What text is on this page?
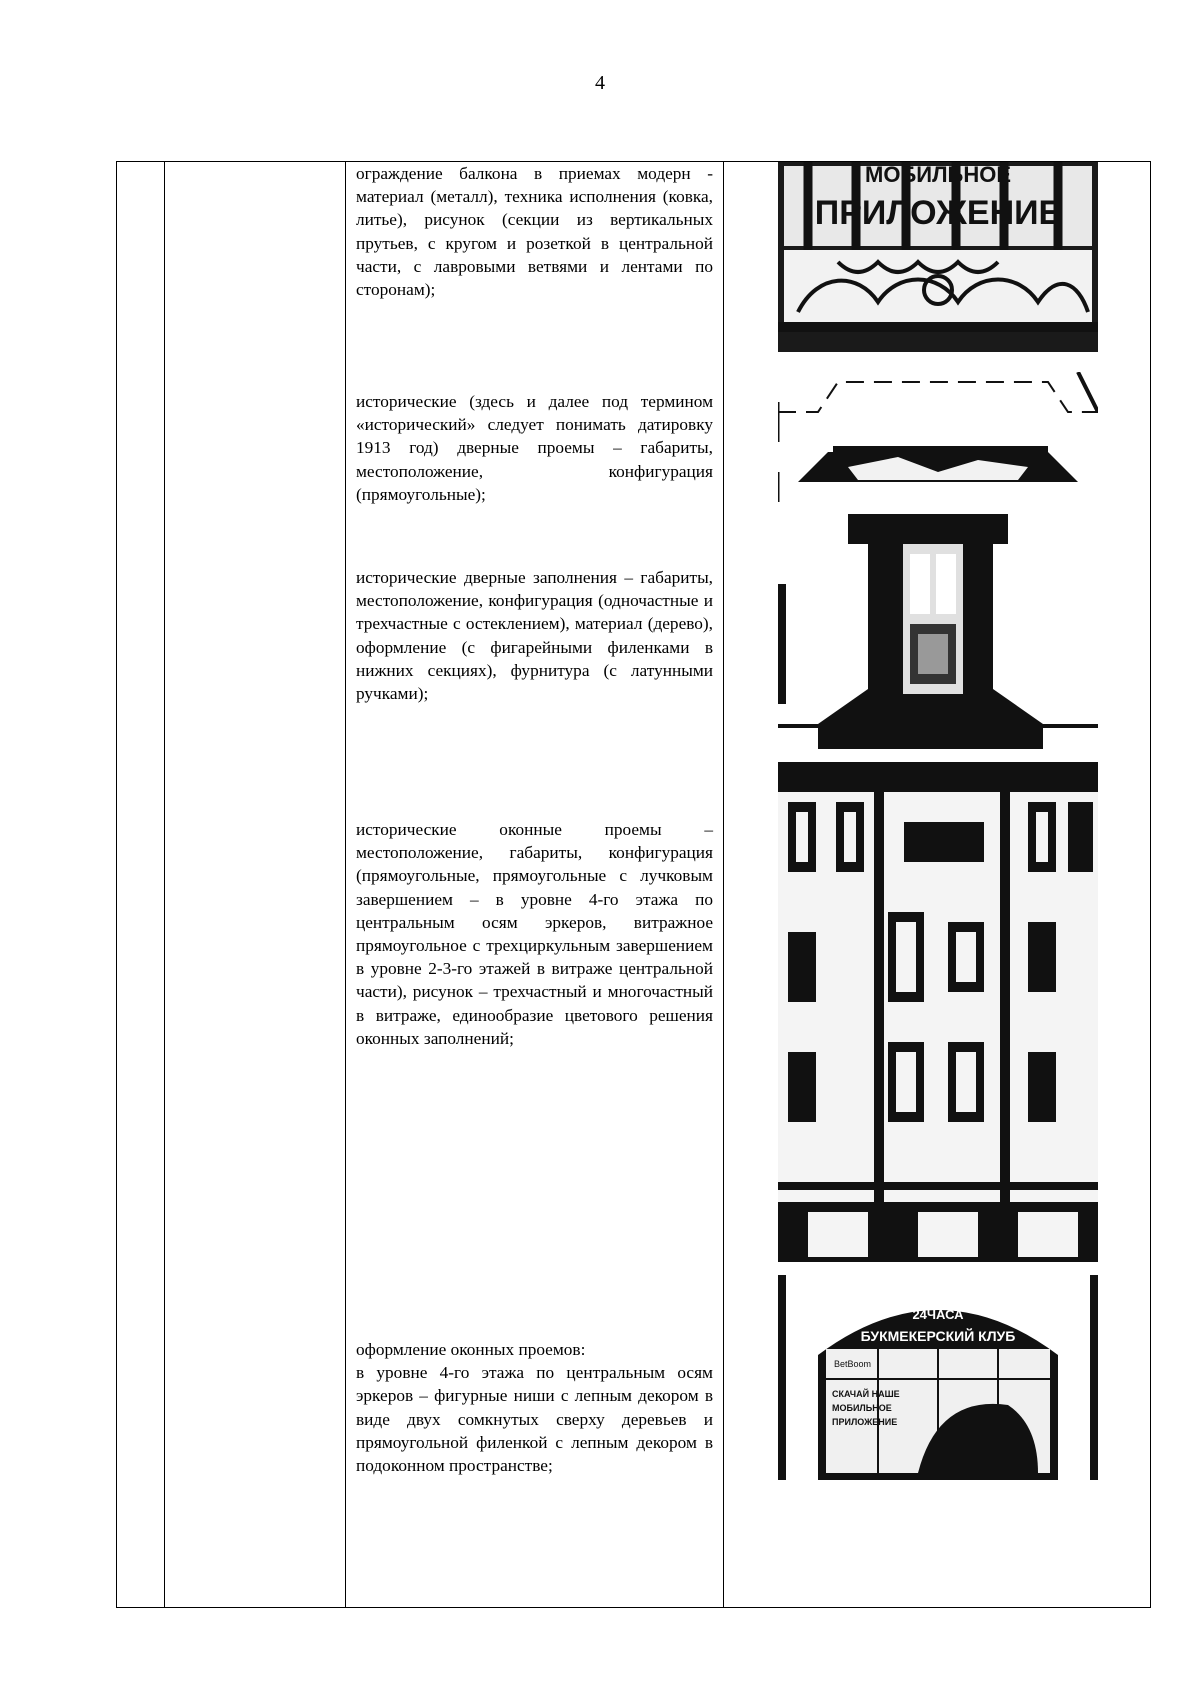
4

ограждение балкона в приемах модерн - материал (металл), техника исполнения (ковка, литье), рисунок (секции из вертикальных прутьев, с кругом и розеткой в центральной части, с лавровыми ветвями и лентами по сторонам);

исторические (здесь и далее под термином «исторический» следует понимать датировку 1913 год) дверные проемы – габариты, местоположение, конфигурация (прямоугольные);

исторические дверные заполнения – габариты, местоположение, конфигурация (одночастные и трехчастные с остеклением), материал (дерево), оформление (с фигарейными филенками в нижних секциях), фурнитура (с латунными ручками);

исторические оконные проемы – местоположение, габариты, конфигурация (прямоугольные, прямоугольные с лучковым завершением – в уровне 4-го этажа по центральным осям эркеров, витражное прямоугольное с трехциркульным завершением в уровне 2-3-го этажей в витраже центральной части), рисунок – трехчастный и многочастный в витраже, единообразие цветового решения оконных заполнений;

оформление оконных проемов:

в уровне 4-го этажа по центральным осям эркеров – фигурные ниши с лепным декором в виде двух сомкнутых сверху деревьев и прямоугольной филенкой с лепным декором в подоконном пространстве;

МОБИЛЬНОЕ
ПРИЛОЖЕНИЕ
24ЧАСА
БУКМЕКЕРСКИЙ КЛУБ
BetBoom
СКАЧАЙ НАШЕ
МОБИЛЬНОЕ
ПРИЛОЖЕНИЕ
